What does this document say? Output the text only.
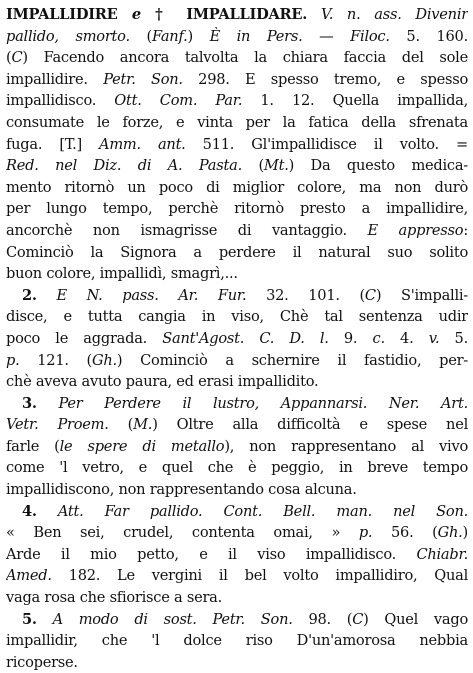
IMPALLIDIRE e † IMPALLIDARE. V. n. ass. Divenir
pallido, smorto. (Fanf.) È in Pers. — Filoc. 5. 160.
(C) Facendo ancora talvolta la chiara faccia del sole
impallidire. Petr. Son. 298. E spesso tremo, e spesso
impallidisco. Ott. Com. Par. 1. 12. Quella impallida,
consumate le forze, e vinta per la fatica della sfrenata
fuga. [T.] Amm. ant. 511. Gl'impallidisce il volto. =
Red. nel Diz. di A. Pasta. (Mt.) Da questo medica-
mento ritornò un poco di miglior colore, ma non durò
per lungo tempo, perchè ritornò presto a impallidire,
ancorchè non ismagrisse di vantaggio. E appresso:
Cominciò la Signora a perdere il natural suo solito
buon colore, impallidì, smagrì,...
2. E N. pass. Ar. Fur. 32. 101. (C) S'impalli-
disce, e tutta cangia in viso, Chè tal sentenza udir
poco le aggrada. Sant'Agost. C. D. l. 9. c. 4. v. 5.
p. 121. (Gh.) Cominciò a schernire il fastidio, per-
chè aveva avuto paura, ed erasi impallidito.
3. Per Perdere il lustro, Appannarsi. Ner. Art.
Vetr. Proem. (M.) Oltre alla difficoltà e spese nel
farle (le spere di metallo), non rappresentano al vivo
come 'l vetro, e quel che è peggio, in breve tempo
impallidiscono, non rappresentando cosa alcuna.
4. Att. Far pallido. Cont. Bell. man. nel Son.
« Ben sei, crudel, contenta omai, » p. 56. (Gh.)
Arde il mio petto, e il viso impallidisco. Chiabr.
Amed. 182. Le vergini il bel volto impallidiro, Qual
vaga rosa che sfiorisce a sera.
5. A modo di sost. Petr. Son. 98. (C) Quel vago
impallidir, che 'l dolce riso D'un'amorosa nebbia
ricoperse.
